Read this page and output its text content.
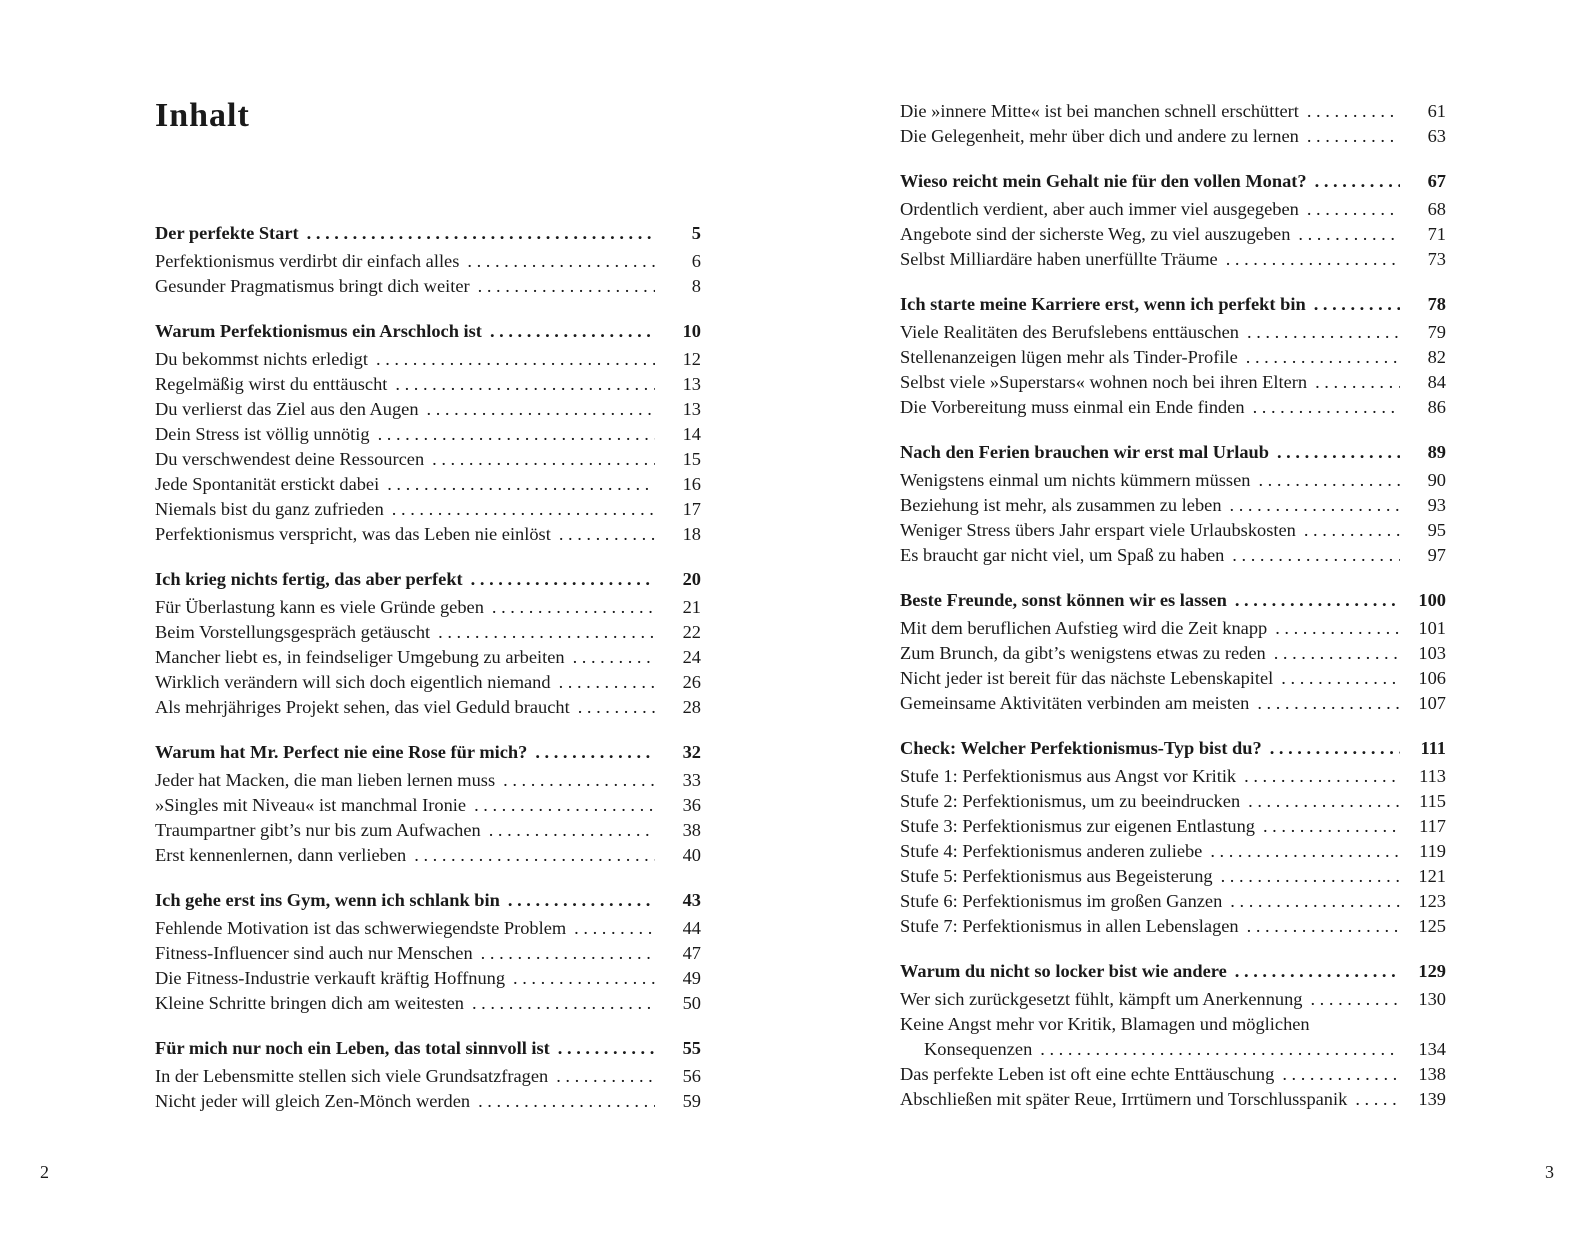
Inhalt
Der perfekte Start . . .	5
Perfektionismus verdirbt dir einfach alles . . .	6
Gesunder Pragmatismus bringt dich weiter . . .	8
Warum Perfektionismus ein Arschloch ist . . .	10
Du bekommst nichts erledigt . . .	12
Regelmäßig wirst du enttäuscht . . .	13
Du verlierst das Ziel aus den Augen . . .	13
Dein Stress ist völlig unnötig . . .	14
Du verschwendest deine Ressourcen . . .	15
Jede Spontanität erstickt dabei . . .	16
Niemals bist du ganz zufrieden . . .	17
Perfektionismus verspricht, was das Leben nie einlöst . . .	18
Ich krieg nichts fertig, das aber perfekt . . .	20
Für Überlastung kann es viele Gründe geben . . .	21
Beim Vorstellungsgespräch getäuscht . . .	22
Mancher liebt es, in feindseliger Umgebung zu arbeiten . . .	24
Wirklich verändern will sich doch eigentlich niemand . . .	26
Als mehrjähriges Projekt sehen, das viel Geduld braucht . . .	28
Warum hat Mr. Perfect nie eine Rose für mich? . . .	32
Jeder hat Macken, die man lieben lernen muss . . .	33
»Singles mit Niveau« ist manchmal Ironie . . .	36
Traumpartner gibt’s nur bis zum Aufwachen . . .	38
Erst kennenlernen, dann verlieben . . .	40
Ich gehe erst ins Gym, wenn ich schlank bin . . .	43
Fehlende Motivation ist das schwerwiegendste Problem . . .	44
Fitness-Influencer sind auch nur Menschen . . .	47
Die Fitness-Industrie verkauft kräftig Hoffnung . . .	49
Kleine Schritte bringen dich am weitesten . . .	50
Für mich nur noch ein Leben, das total sinnvoll ist . . .	55
In der Lebensmitte stellen sich viele Grundsatzfragen . . .	56
Nicht jeder will gleich Zen-Mönch werden . . .	59
Die »innere Mitte« ist bei manchen schnell erschüttert . . .	61
Die Gelegenheit, mehr über dich und andere zu lernen . . .	63
Wieso reicht mein Gehalt nie für den vollen Monat? . . .	67
Ordentlich verdient, aber auch immer viel ausgegeben . . .	68
Angebote sind der sicherste Weg, zu viel auszugeben . . .	71
Selbst Milliardäre haben unerfüllte Träume . . .	73
Ich starte meine Karriere erst, wenn ich perfekt bin . . .	78
Viele Realitäten des Berufslebens enttäuschen . . .	79
Stellenanzeigen lügen mehr als Tinder-Profile . . .	82
Selbst viele »Superstars« wohnen noch bei ihren Eltern . . .	84
Die Vorbereitung muss einmal ein Ende finden . . .	86
Nach den Ferien brauchen wir erst mal Urlaub . . .	89
Wenigstens einmal um nichts kümmern müssen . . .	90
Beziehung ist mehr, als zusammen zu leben . . .	93
Weniger Stress übers Jahr erspart viele Urlaubskosten . . .	95
Es braucht gar nicht viel, um Spaß zu haben . . .	97
Beste Freunde, sonst können wir es lassen . . .	100
Mit dem beruflichen Aufstieg wird die Zeit knapp . . .	101
Zum Brunch, da gibt’s wenigstens etwas zu reden . . .	103
Nicht jeder ist bereit für das nächste Lebenskapitel . . .	106
Gemeinsame Aktivitäten verbinden am meisten . . .	107
Check: Welcher Perfektionismus-Typ bist du? . . .	111
Stufe 1: Perfektionismus aus Angst vor Kritik . . .	113
Stufe 2: Perfektionismus, um zu beeindrucken . . .	115
Stufe 3: Perfektionismus zur eigenen Entlastung . . .	117
Stufe 4: Perfektionismus anderen zuliebe . . .	119
Stufe 5: Perfektionismus aus Begeisterung . . .	121
Stufe 6: Perfektionismus im großen Ganzen . . .	123
Stufe 7: Perfektionismus in allen Lebenslagen . . .	125
Warum du nicht so locker bist wie andere . . .	129
Wer sich zurückgesetzt fühlt, kämpft um Anerkennung . . .	130
Keine Angst mehr vor Kritik, Blamagen und möglichen
Konsequenzen . . .	134
Das perfekte Leben ist oft eine echte Enttäuschung . . .	138
Abschließen mit später Reue, Irrtümern und Torschlusspanik . . .	139
2	3
